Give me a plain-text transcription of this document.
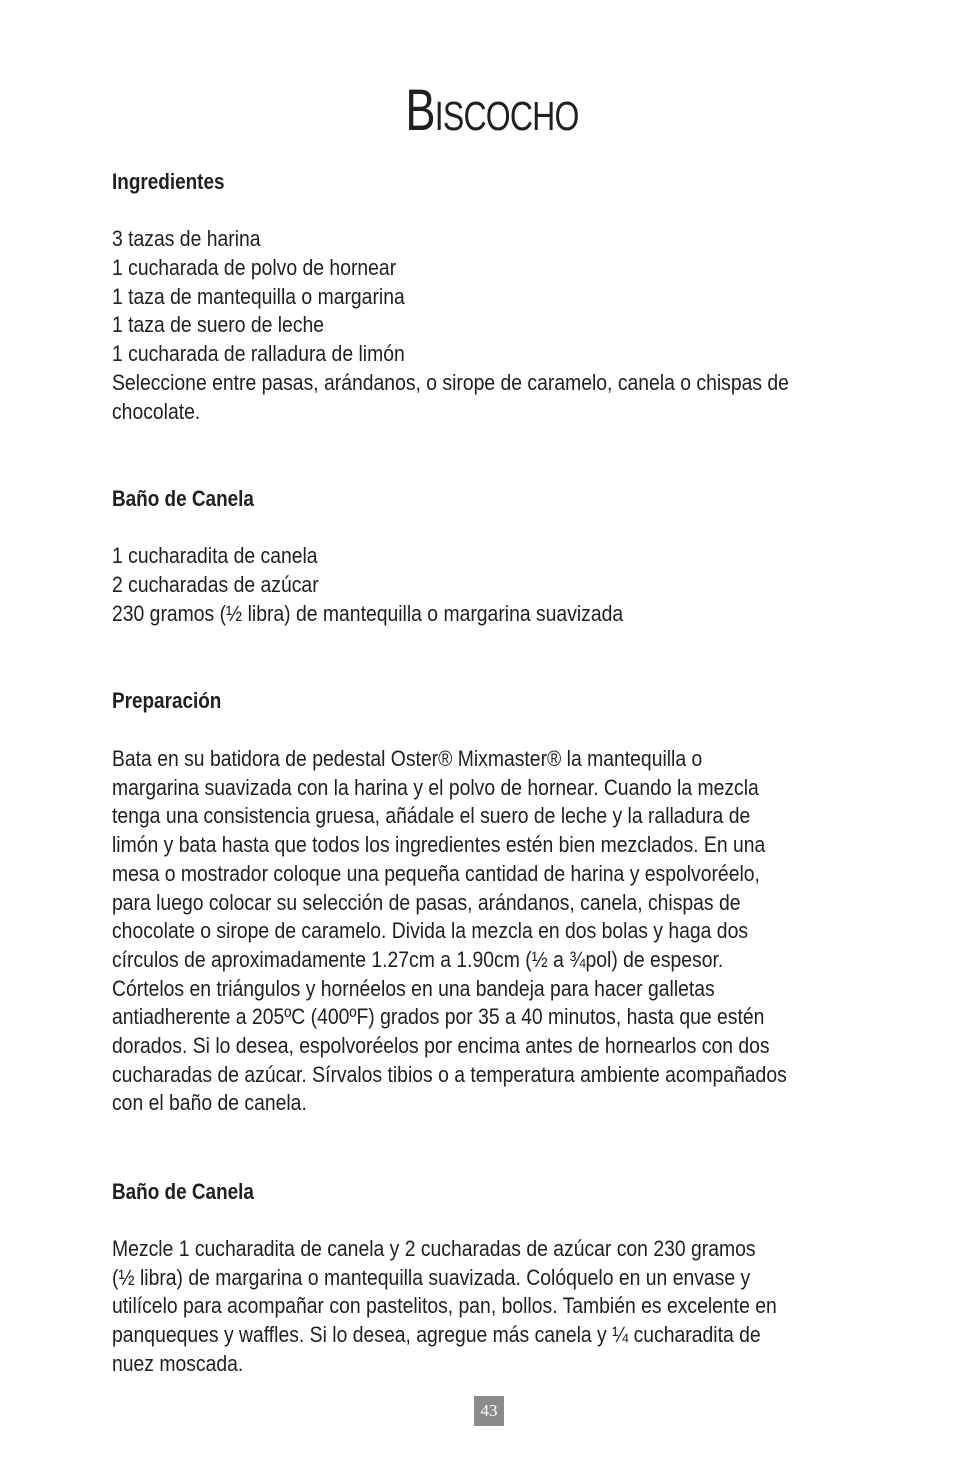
Biscocho
Ingredientes
3 tazas de harina
1 cucharada de polvo de hornear
1 taza de mantequilla o margarina
1 taza de suero de leche
1 cucharada de ralladura de limón
Seleccione entre pasas, arándanos, o sirope de caramelo, canela o chispas de
chocolate.
Baño de Canela
1 cucharadita de canela
2 cucharadas de azúcar
230 gramos (½ libra) de mantequilla o margarina suavizada
Preparación
Bata en su batidora de pedestal Oster® Mixmaster® la mantequilla o
margarina suavizada con la harina y el polvo de hornear. Cuando la mezcla
tenga una consistencia gruesa, añádale el suero de leche y la ralladura de
limón y bata hasta que todos los ingredientes estén bien mezclados. En una
mesa o mostrador coloque una pequeña cantidad de harina y espolvoréelo,
para luego colocar su selección de pasas, arándanos, canela, chispas de
chocolate o sirope de caramelo. Divida la mezcla en dos bolas y haga dos
círculos de aproximadamente 1.27cm a 1.90cm (½ a ¾pol) de espesor.
Córtelos en triángulos y hornéelos en una bandeja para hacer galletas
antiadherente a 205ºC (400ºF) grados por 35 a 40 minutos, hasta que estén
dorados. Si lo desea, espolvoréelos por encima antes de hornearlos con dos
cucharadas de azúcar. Sírvalos tibios o a temperatura ambiente acompañados
con el baño de canela.
Baño de Canela
Mezcle 1 cucharadita de canela y 2 cucharadas de azúcar con 230 gramos
(½ libra) de margarina o mantequilla suavizada. Colóquelo en un envase y
utilícelo para acompañar con pastelitos, pan, bollos. También es excelente en
panqueques y waffles. Si lo desea, agregue más canela y ¼ cucharadita de
nuez moscada.
43
